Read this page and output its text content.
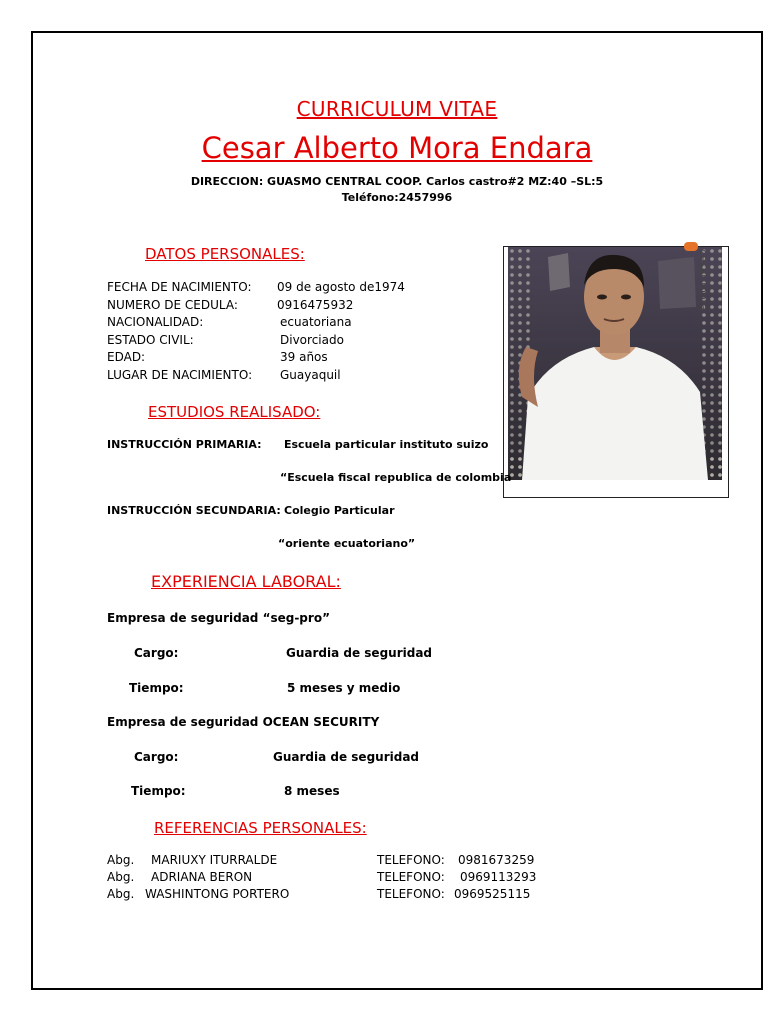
CURRICULUM VITAE
Cesar Alberto Mora Endara
DIRECCION: GUASMO CENTRAL COOP. Carlos castro#2 MZ:40 –SL:5
Teléfono:2457996
DATOS PERSONALES:
FECHA DE NACIMIENTO: 09 de agosto de1974
NUMERO DE CEDULA:	0916475932
NACIONALIDAD:	ecuatoriana
ESTADO CIVIL:	Divorciado
EDAD:	39 años
LUGAR DE NACIMIENTO: Guayaquil
cesar mora
ESTUDIOS REALISADO:
INSTRUCCIÓN PRIMARIA: Escuela particular instituto suizo
“Escuela fiscal republica de colombia
INSTRUCCIÓN SECUNDARIA: Colegio Particular
“oriente ecuatoriano”
EXPERIENCIA LABORAL:
Empresa de seguridad “seg-pro”
Cargo:	Guardia de seguridad
Tiempo:	5 meses y medio
Empresa de seguridad OCEAN SECURITY
Cargo:	Guardia de seguridad
Tiempo:	8 meses
REFERENCIAS PERSONALES:
Abg. MARIUXY ITURRALDE	TELEFONO: 0981673259
Abg. ADRIANA BERON	TELEFONO: 0969113293
Abg. WASHINTONG PORTERO	TELEFONO: 0969525115
